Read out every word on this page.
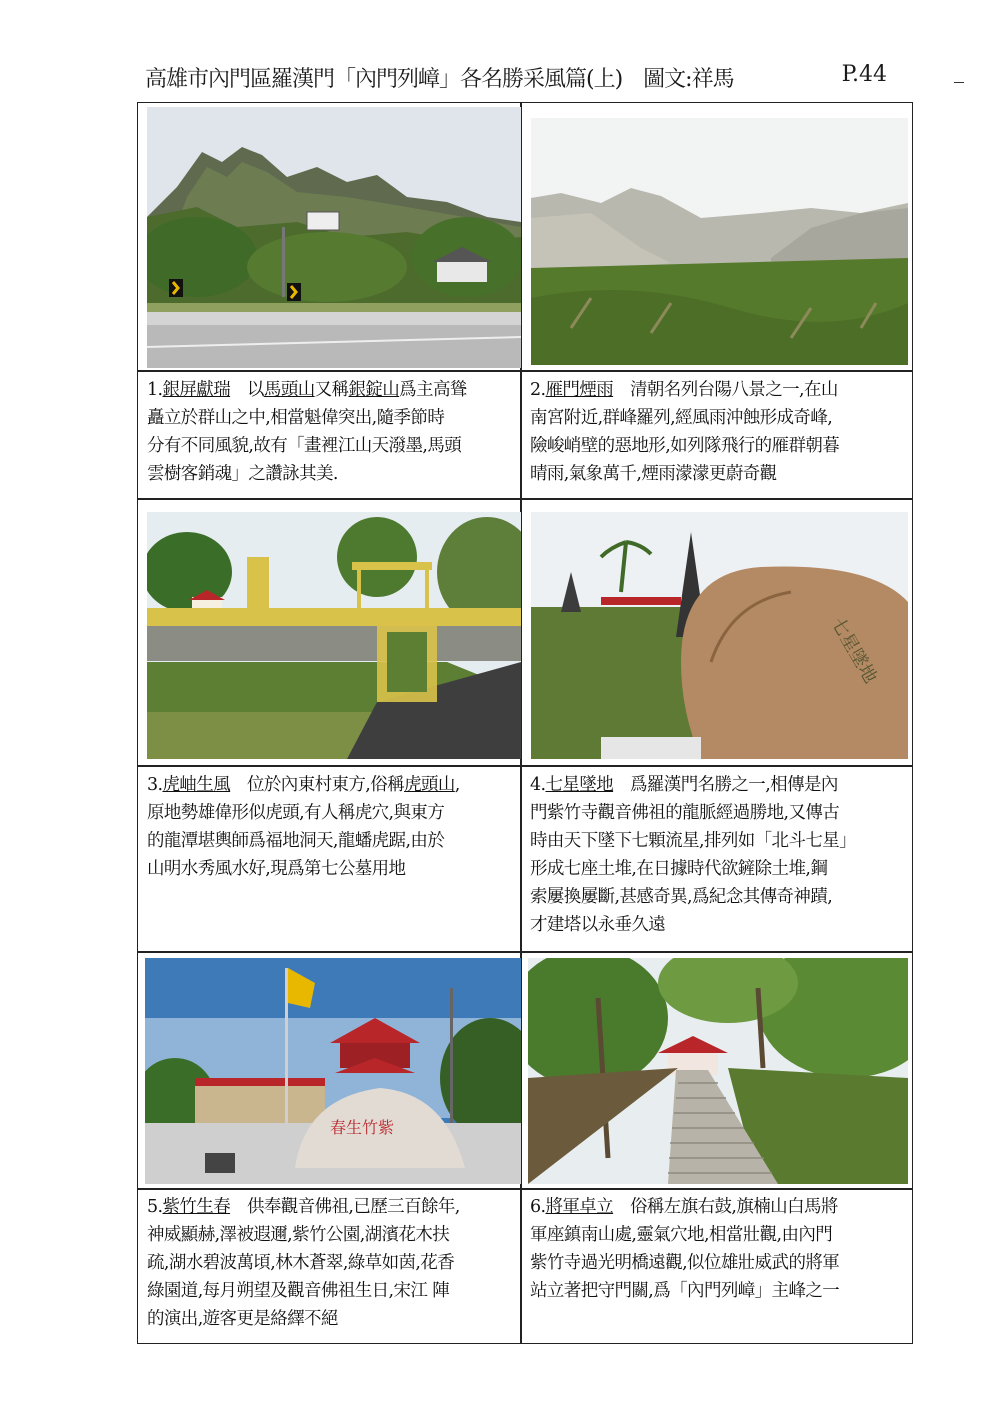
高雄市內門區羅漢門「內門列嶂」各名勝采風篇(上)　圖文:祥馬	P.44
七星墜地
春生竹紫
1.銀屏獻瑞　以馬頭山又稱銀錠山爲主高聳
矗立於群山之中,相當魁偉突出,隨季節時
分有不同風貌,故有「畫裡江山天潑墨,馬頭
雲樹客銷魂」之讚詠其美.
2.雁門煙雨　清朝名列台陽八景之一,在山
南宮附近,群峰羅列,經風雨沖蝕形成奇峰,
險峻峭壁的惡地形,如列隊飛行的雁群朝暮
晴雨,氣象萬千,煙雨濛濛更蔚奇觀
3.虎岫生風　位於內東村東方,俗稱虎頭山,
原地勢雄偉形似虎頭,有人稱虎穴,與東方
的龍潭堪輿師爲福地洞天,龍蟠虎踞,由於
山明水秀風水好,現爲第七公墓用地
4.七星墜地　爲羅漢門名勝之一,相傳是內
門紫竹寺觀音佛祖的龍脈經過勝地,又傳古
時由天下墜下七顆流星,排列如「北斗七星」
形成七座土堆,在日據時代欲鏟除土堆,鋼
索屢換屢斷,甚感奇異,爲紀念其傳奇神蹟,
才建塔以永垂久遠
5.紫竹生春　供奉觀音佛祖,已歷三百餘年,
神威顯赫,澤被遐邇,紫竹公園,湖濱花木扶
疏,湖水碧波萬頃,林木蒼翠,綠草如茵,花香
綠園道,每月朔望及觀音佛祖生日,宋江 陣
的演出,遊客更是絡繹不絕
6.將軍卓立　俗稱左旗右鼓,旗楠山白馬將
軍座鎮南山處,靈氣穴地,相當壯觀,由內門
紫竹寺過光明橋遠觀,似位雄壯威武的將軍
站立著把守門關,爲「內門列嶂」主峰之一
